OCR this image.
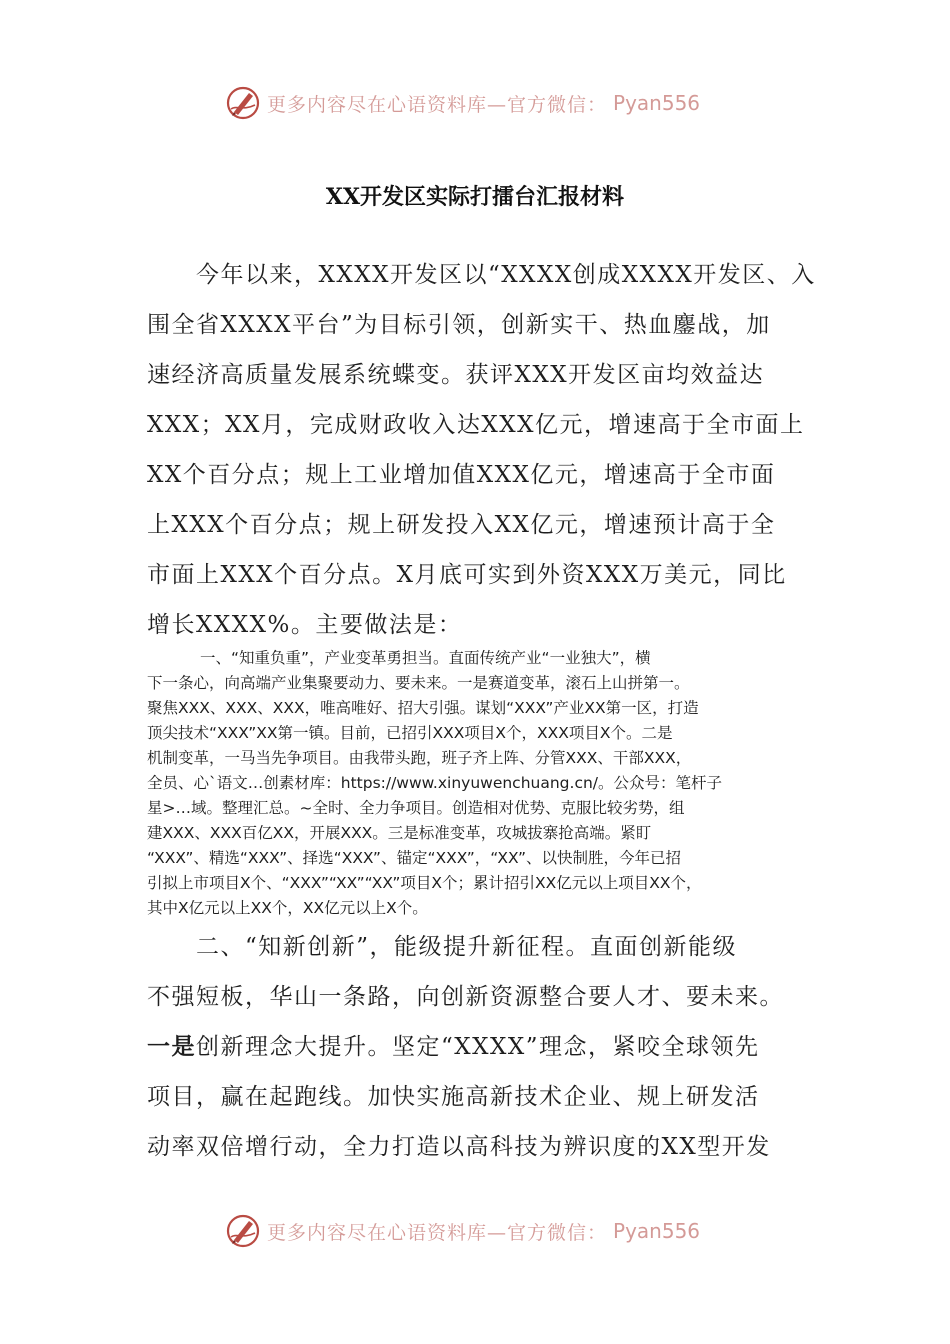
更多内容尽在心语资料库—官方微信： Pyan556
XX开发区实际打擂台汇报材料
今年以来，XXXX开发区以“XXXX创成XXXX开发区、入
围全省XXXX平台”为目标引领，创新实干、热血鏖战，加
速经济高质量发展系统蝶变。获评XXX开发区亩均效益达
XXX；XX月，完成财政收入达XXX亿元，增速高于全市面上
XX个百分点；规上工业增加值XXX亿元，增速高于全市面
上XXX个百分点；规上研发投入XX亿元，增速预计高于全
市面上XXX个百分点。X月底可实到外资XXX万美元，同比
增长XXXX%。主要做法是：
一、“知重负重”，产业变革勇担当。直面传统产业“一业独大”，横
下一条心，向高端产业集聚要动力、要未来。一是赛道变革，滚石上山拼第一。
聚焦XXX、XXX、XXX，唯高唯好、招大引强。谋划“XXX”产业XX第一区，打造
顶尖技术“XXX”XX第一镇。目前，已招引XXX项目X个，XXX项目X个。二是
机制变革，一马当先争项目。由我带头跑，班子齐上阵、分管XXX、干部XXX，
全员、心`语文…创素材库：https://www.xinyuwenchuang.cn/。公众号：笔杆子
星>…域。整理汇总。~全时、全力争项目。创造相对优势、克服比较劣势，组
建XXX、XXX百亿XX，开展XXX。三是标准变革，攻城拔寨抢高端。紧盯
“XXX”、精选“XXX”、择选“XXX”、锚定“XXX”，“XX”、以快制胜，今年已招
引拟上市项目X个、“XXX”“XX”“XX”项目X个；累计招引XX亿元以上项目XX个，
其中X亿元以上XX个，XX亿元以上X个。
二、“知新创新”，能级提升新征程。直面创新能级
不强短板，华山一条路，向创新资源整合要人才、要未来。
一是创新理念大提升。坚定“XXXX”理念，紧咬全球领先
项目，赢在起跑线。加快实施高新技术企业、规上研发活
动率双倍增行动，全力打造以高科技为辨识度的XX型开发
更多内容尽在心语资料库—官方微信： Pyan556
